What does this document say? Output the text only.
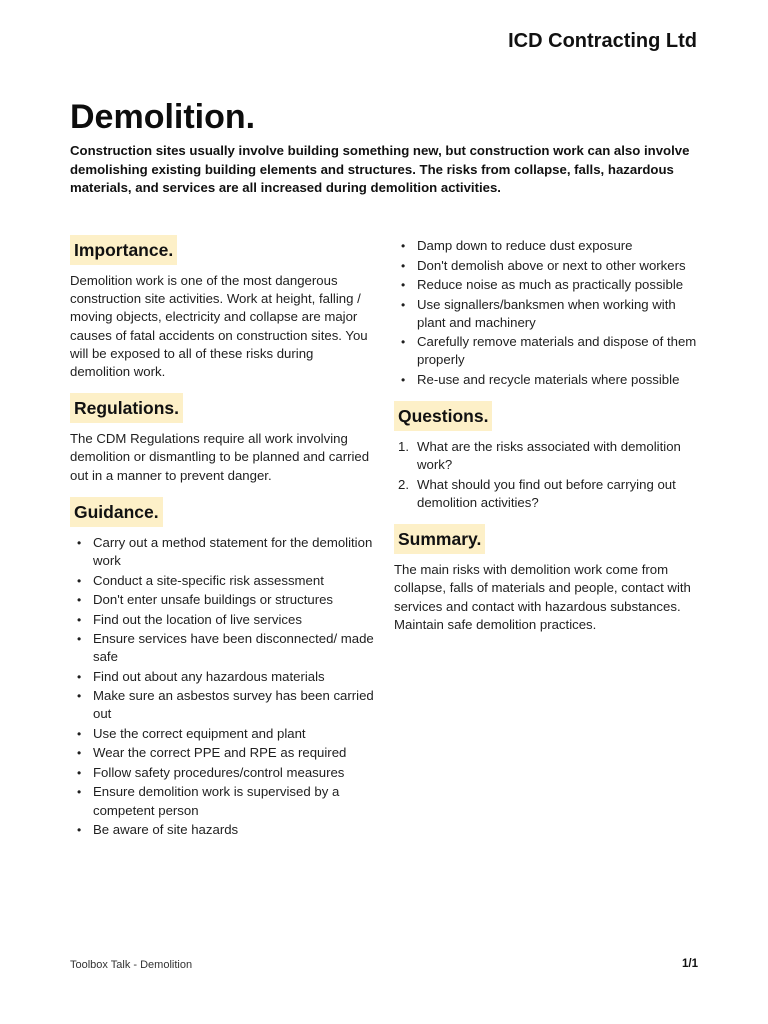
ICD Contracting Ltd
Demolition.
Construction sites usually involve building something new, but construction work can also involve demolishing existing building elements and structures. The risks from collapse, falls, hazardous materials, and services are all increased during demolition activities.
Importance.

Demolition work is one of the most dangerous construction site activities. Work at height, falling / moving objects, electricity and collapse are major causes of fatal accidents on construction sites. You will be exposed to all of these risks during demolition work.

Regulations.

The CDM Regulations require all work involving demolition or dismantling to be planned and carried out in a manner to prevent danger.

Guidance.
• Carry out a method statement for the demolition work
• Conduct a site-specific risk assessment
• Don't enter unsafe buildings or structures
• Find out the location of live services
• Ensure services have been disconnected/ made safe
• Find out about any hazardous materials
• Make sure an asbestos survey has been carried out
• Use the correct equipment and plant
• Wear the correct PPE and RPE as required
• Follow safety procedures/control measures
• Ensure demolition work is supervised by a competent person
• Be aware of site hazards
• Damp down to reduce dust exposure
• Don't demolish above or next to other workers
• Reduce noise as much as practically possible
• Use signallers/banksmen when working with plant and machinery
• Carefully remove materials and dispose of them properly
• Re-use and recycle materials where possible
Questions.
1. What are the risks associated with demolition work?
2. What should you find out before carrying out demolition activities?
Summary.

The main risks with demolition work come from collapse, falls of materials and people, contact with services and contact with hazardous substances. Maintain safe demolition practices.

Toolbox Talk - Demolition	1/1
